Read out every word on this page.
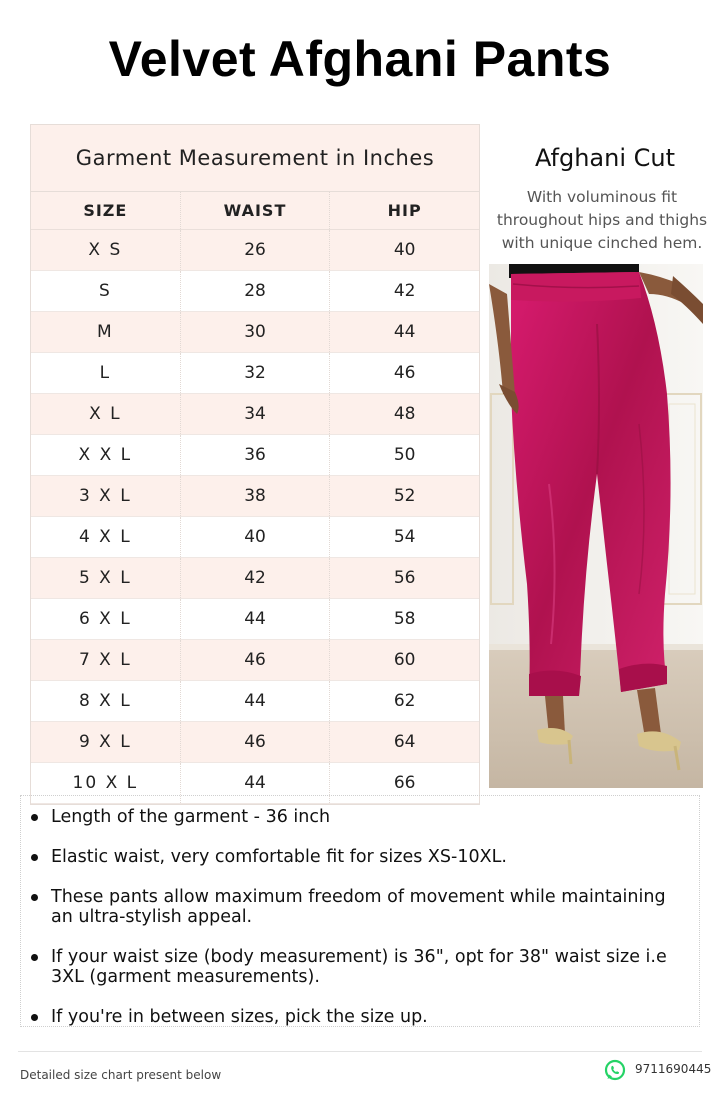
Velvet Afghani Pants
Garment Measurement in Inches
SIZE	WAIST	HIP
X S	26	40
S	28	42
M	30	44
L	32	46
X L	34	48
X X L	36	50
3 X L	38	52
4 X L	40	54
5 X L	42	56
6 X L	44	58
7 X L	46	60
8 X L	44	62
9 X L	46	64
10 X L	44	66
Afghani Cut
With voluminous fit throughout hips and thighs with unique cinched hem.
Length of the garment - 36 inch
Elastic waist, very comfortable fit for sizes XS-10XL.
These pants allow maximum freedom of movement while maintaining an ultra-stylish appeal.
If your waist size (body measurement) is 36", opt for 38" waist size i.e 3XL (garment measurements).
If you're in between sizes, pick the size up.
Detailed size chart present below	9711690445
